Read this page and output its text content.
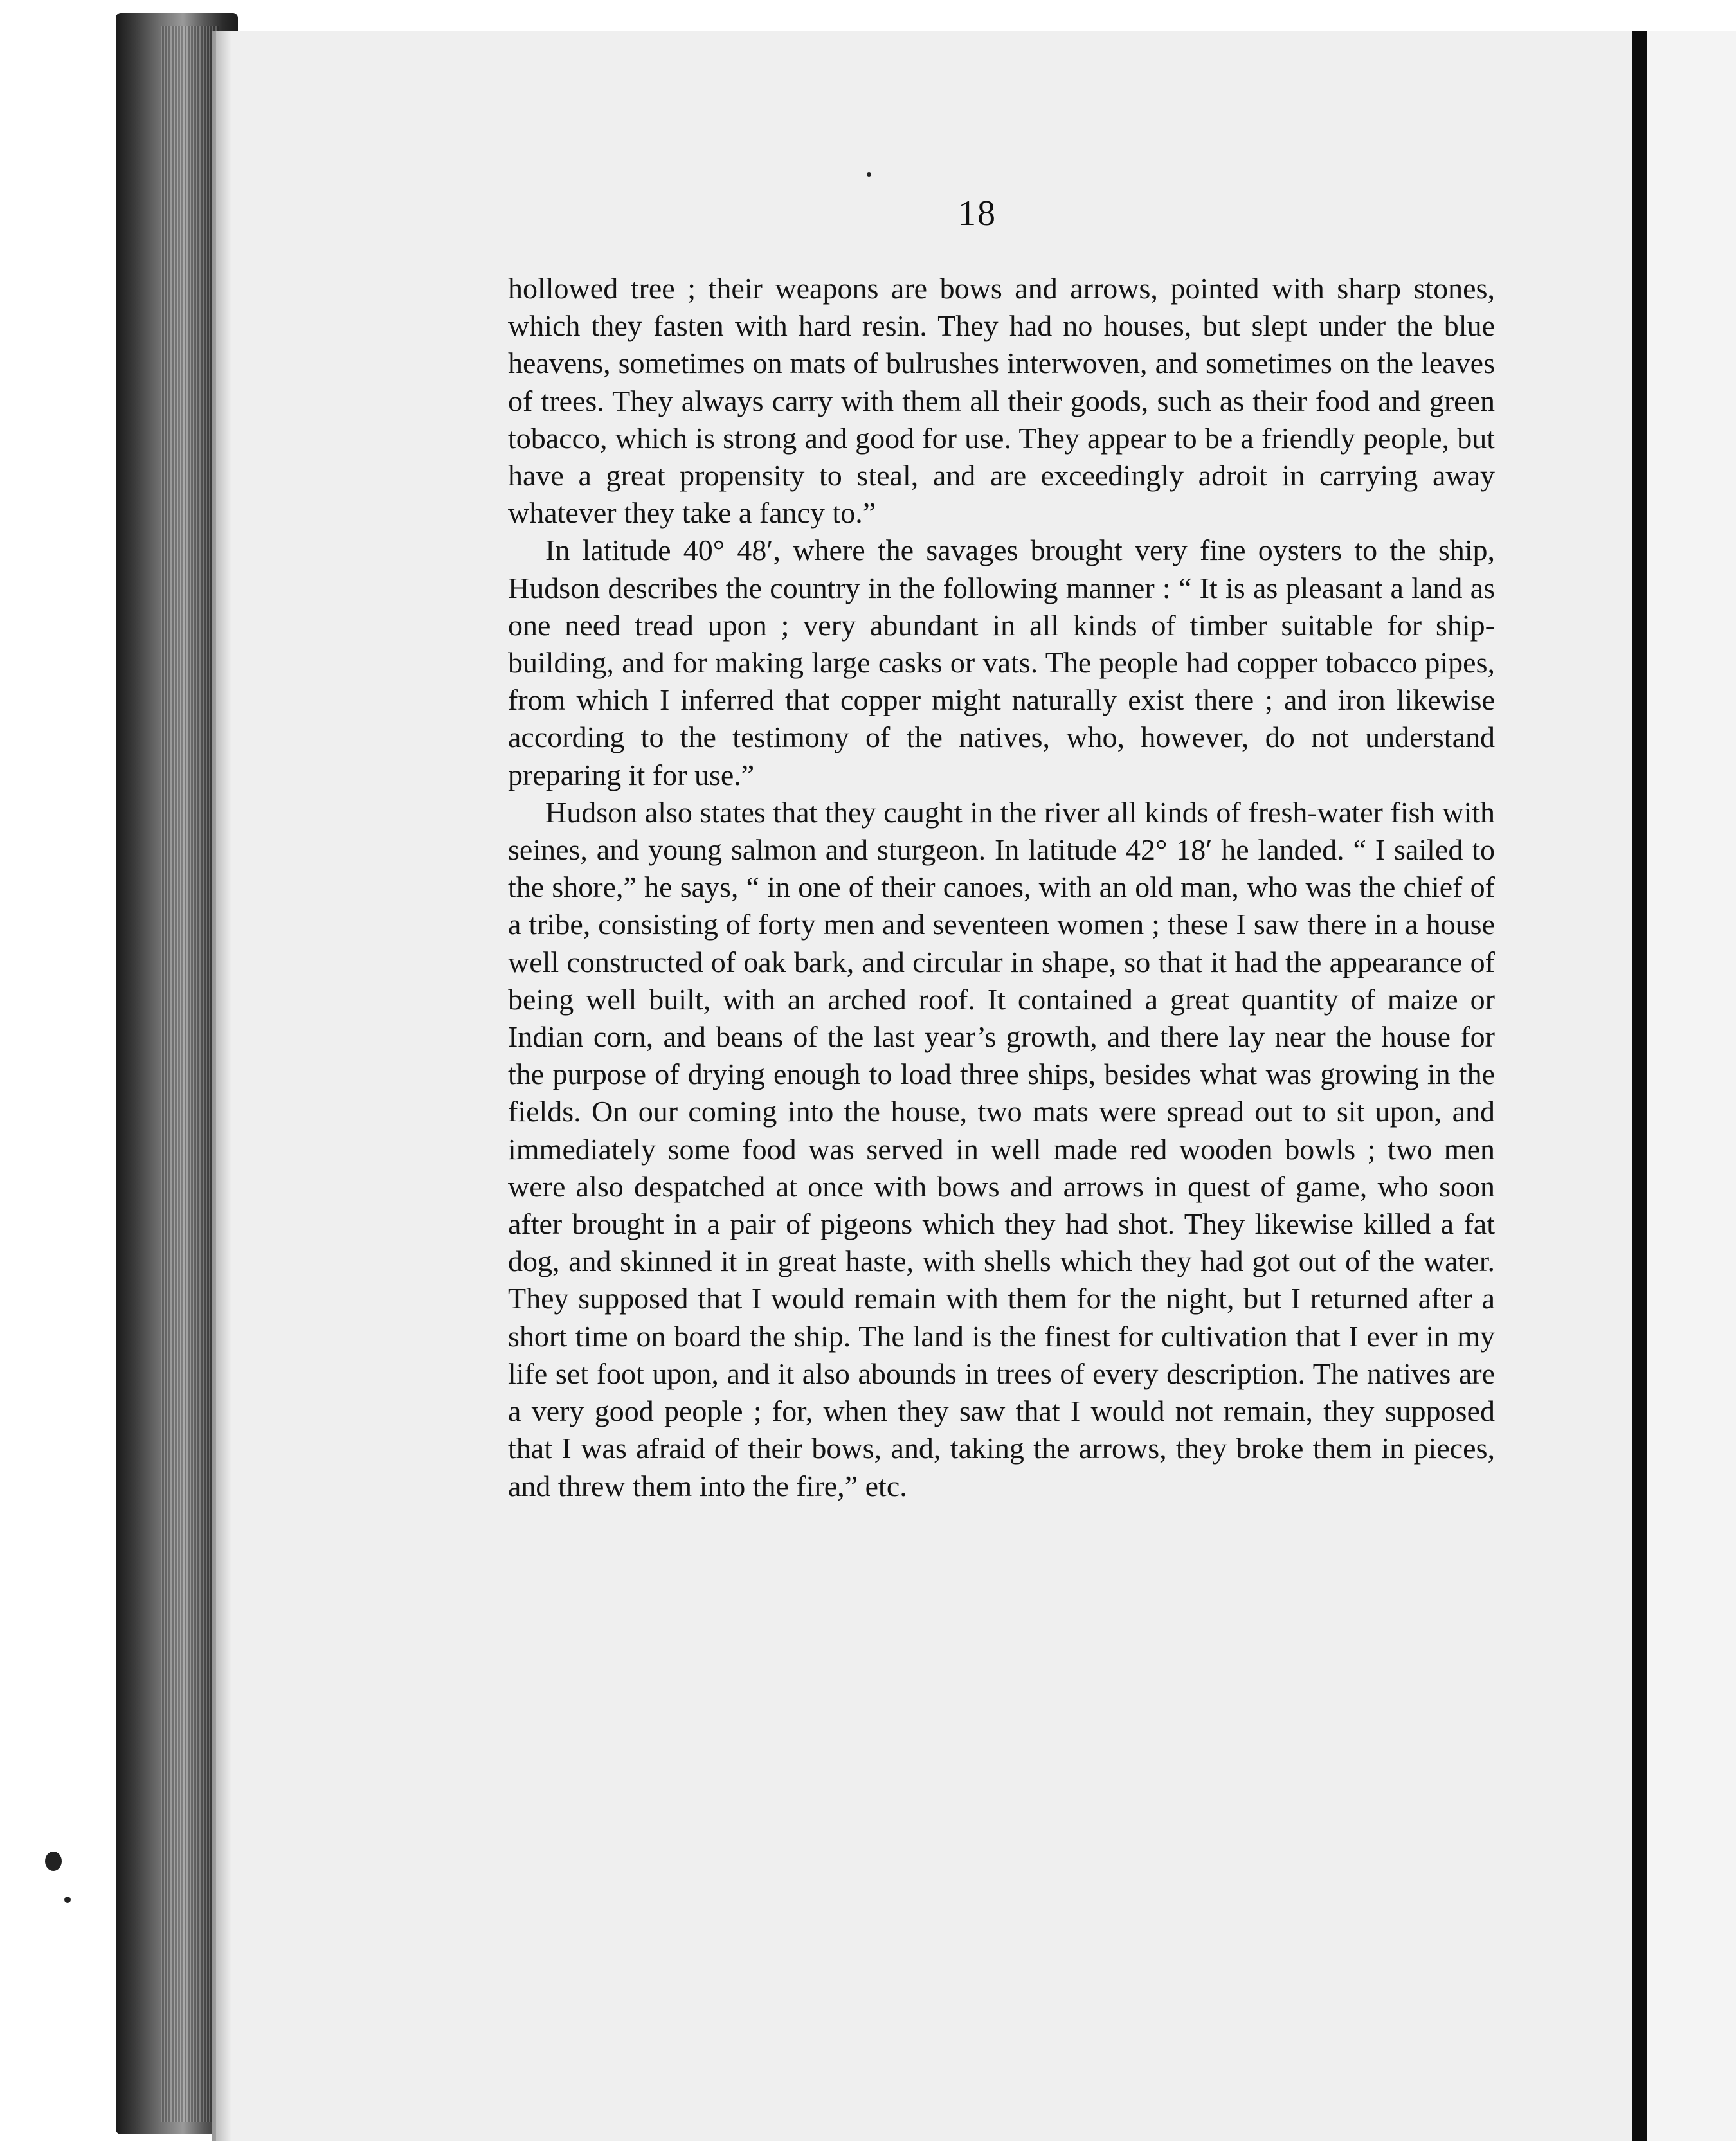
18

hollowed tree ; their weapons are bows and arrows, pointed with sharp stones, which they fasten with hard resin. They had no houses, but slept under the blue heavens, sometimes on mats of bulrushes interwoven, and sometimes on the leaves of trees. They always carry with them all their goods, such as their food and green tobacco, which is strong and good for use. They appear to be a friendly people, but have a great propensity to steal, and are exceedingly adroit in carrying away whatever they take a fancy to.”

In latitude 40° 48′, where the savages brought very fine oysters to the ship, Hudson describes the country in the following manner : “ It is as pleasant a land as one need tread upon ; very abundant in all kinds of timber suitable for ship-building, and for making large casks or vats. The people had copper tobacco pipes, from which I inferred that copper might naturally exist there ; and iron likewise according to the testimony of the natives, who, however, do not understand preparing it for use.”

Hudson also states that they caught in the river all kinds of fresh-water fish with seines, and young salmon and sturgeon. In latitude 42° 18′ he landed. “ I sailed to the shore,” he says, “ in one of their canoes, with an old man, who was the chief of a tribe, consisting of forty men and seventeen women ; these I saw there in a house well constructed of oak bark, and circular in shape, so that it had the appearance of being well built, with an arched roof. It contained a great quantity of maize or Indian corn, and beans of the last year’s growth, and there lay near the house for the purpose of drying enough to load three ships, besides what was growing in the fields. On our coming into the house, two mats were spread out to sit upon, and immediately some food was served in well made red wooden bowls ; two men were also despatched at once with bows and arrows in quest of game, who soon after brought in a pair of pigeons which they had shot. They likewise killed a fat dog, and skinned it in great haste, with shells which they had got out of the water. They supposed that I would remain with them for the night, but I returned after a short time on board the ship. The land is the finest for cultivation that I ever in my life set foot upon, and it also abounds in trees of every description. The natives are a very good people ; for, when they saw that I would not remain, they supposed that I was afraid of their bows, and, taking the arrows, they broke them in pieces, and threw them into the fire,” etc.
